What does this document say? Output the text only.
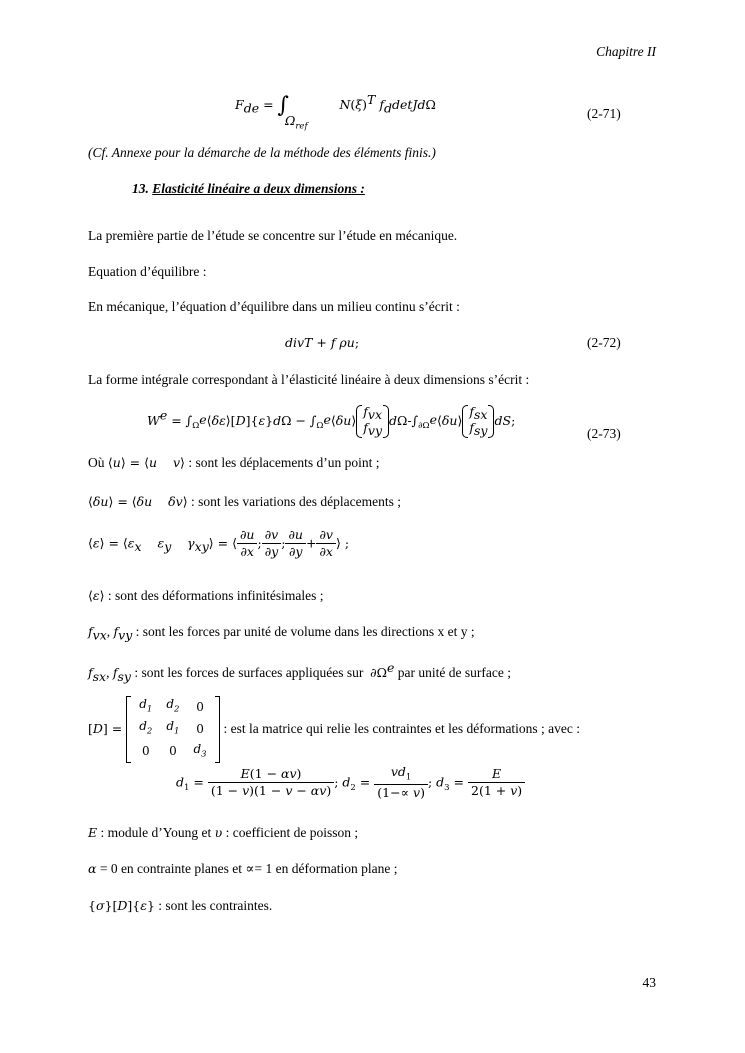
Chapitre II
$F_{de} = \int_{\Omega_{ref}}$       $N(\xi)^T$ $f_ddetJd\Omega$
(2-71)
(Cf. Annexe pour la démarche de la méthode des éléments finis.)
13. Elasticité linéaire a deux dimensions :
La première partie de l’étude se concentre sur l’étude en mécanique.
Equation d’équilibre :
En mécanique, l’équation d’équilibre dans un milieu continu s’écrit :
divT + f ρu;	(2-72)
La forme intégrale correspondant à l’élasticité linéaire à deux dimensions s’écrit :
$W^e$ = $\int_{\Omega^e}⟨\delta\varepsilon⟩[D]\{\varepsilon\}d\Omega$ − $\int_{\Omega^e}⟨\delta u⟩f_{vx}$
$f_{vy}d\Omega-\int_{\partial\Omega^e}⟨\delta u⟩f_{sx}$
$f_{sy}dS$;
(2-73)
Où ⟨u⟩ = ⟨u v⟩ : sont les déplacements d’un point ;
⟨δu⟩ = ⟨δu δv⟩ : sont les variations des déplacements ;
⟨ε⟩ = $⟨\varepsilon_x$ $\varepsilon_y$ $\gamma_{xy}⟩$ = ⟨ $\frac{\partial u}{\partial x}$ ; $\frac{\partial v}{\partial y}$ ; $\frac{\partial u}{\partial y} + \frac{\partial v}{\partial x}$ ⟩ ;
⟨ε⟩ : sont des déformations infinitésimales ;
$f_{vx}$, $f_{vy}$ : sont les forces par unité de volume dans les directions x et y ;
$f_{sx}$, $f_{sy}$ : sont les forces de surfaces appliquées sur $\partial\Omega^e$ par unité de surface ;
[D] =
$d_1$	$d_2$	0
$d_2$	$d_1$	0
0	0	$d_3$
: est la matrice qui relie les contraintes et les déformations ; avec :
$d_1 = \frac{E(1 - \alpha v)}{(1 - v)(1 - v - \alpha v)}$ ; $d_2 = \frac{vd_1}{(1-\propto v)}$ ; $d_3 = \frac{E}{2(1 + v)}$
E : module d’Young et υ : coefficient de poisson ;
α = 0 en contrainte planes et ∝= 1 en déformation plane ;
{σ}[D]{ε} : sont les contraintes.
43
